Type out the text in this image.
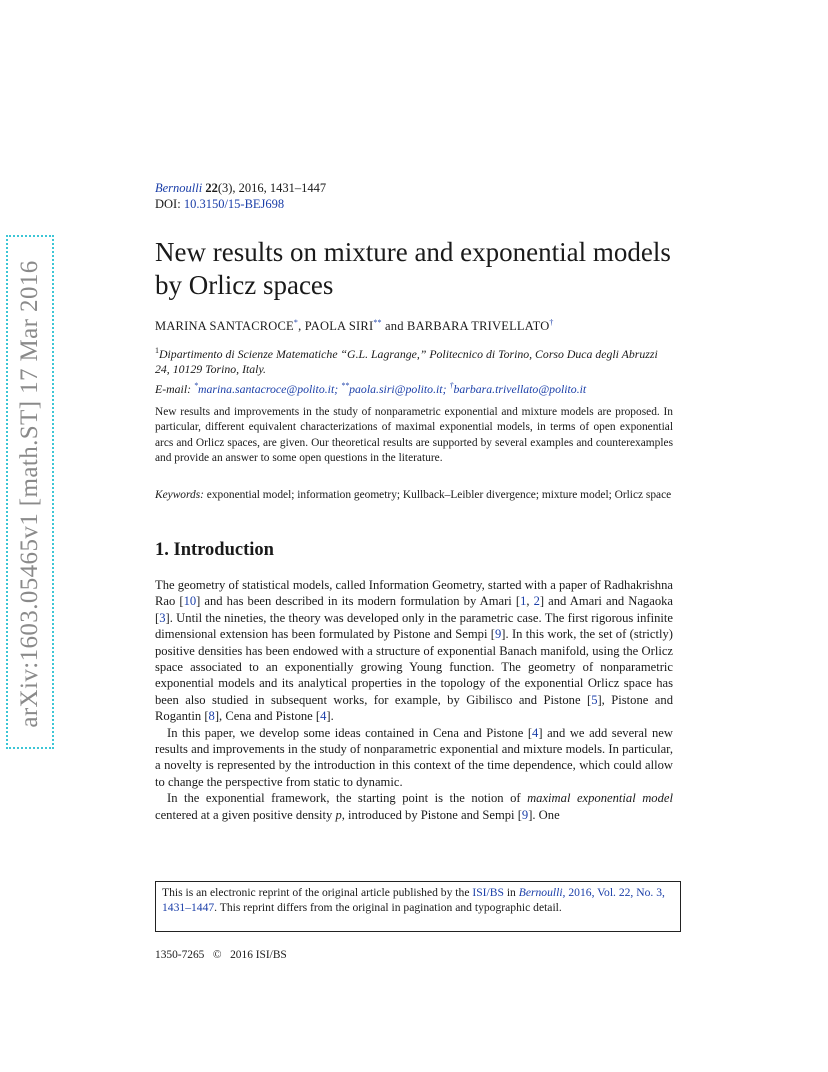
arXiv:1603.05465v1 [math.ST] 17 Mar 2016
Bernoulli 22(3), 2016, 1431–1447
DOI: 10.3150/15-BEJ698
New results on mixture and exponential models by Orlicz spaces
MARINA SANTACROCE*, PAOLA SIRI** and BARBARA TRIVELLATO†
$^1$Dipartimento di Scienze Matematiche “G.L. Lagrange,” Politecnico di Torino, Corso Duca degli Abruzzi 24, 10129 Torino, Italy.
E-mail: *marina.santacroce@polito.it; **paola.siri@polito.it; †barbara.trivellato@polito.it
New results and improvements in the study of nonparametric exponential and mixture models are proposed. In particular, different equivalent characterizations of maximal exponential models, in terms of open exponential arcs and Orlicz spaces, are given. Our theoretical results are supported by several examples and counterexamples and provide an answer to some open questions in the literature.
Keywords: exponential model; information geometry; Kullback–Leibler divergence; mixture model; Orlicz space
1. Introduction

The geometry of statistical models, called Information Geometry, started with a paper of Radhakrishna Rao [10] and has been described in its modern formulation by Amari [1, 2] and Amari and Nagaoka [3]. Until the nineties, the theory was developed only in the parametric case. The first rigorous infinite dimensional extension has been formulated by Pistone and Sempi [9]. In this work, the set of (strictly) positive densities has been endowed with a structure of exponential Banach manifold, using the Orlicz space associated to an exponentially growing Young function. The geometry of nonparametric exponential models and its analytical properties in the topology of the exponential Orlicz space has been also studied in subsequent works, for example, by Gibilisco and Pistone [5], Pistone and Rogantin [8], Cena and Pistone [4].

In this paper, we develop some ideas contained in Cena and Pistone [4] and we add several new results and improvements in the study of nonparametric exponential and mixture models. In particular, a novelty is represented by the introduction in this context of the time dependence, which could allow to change the perspective from static to dynamic.

In the exponential framework, the starting point is the notion of maximal exponential model centered at a given positive density p, introduced by Pistone and Sempi [9]. One

This is an electronic reprint of the original article published by the ISI/BS in Bernoulli, 2016, Vol. 22, No. 3, 1431–1447. This reprint differs from the original in pagination and typographic detail.
1350-7265 © 2016 ISI/BS
